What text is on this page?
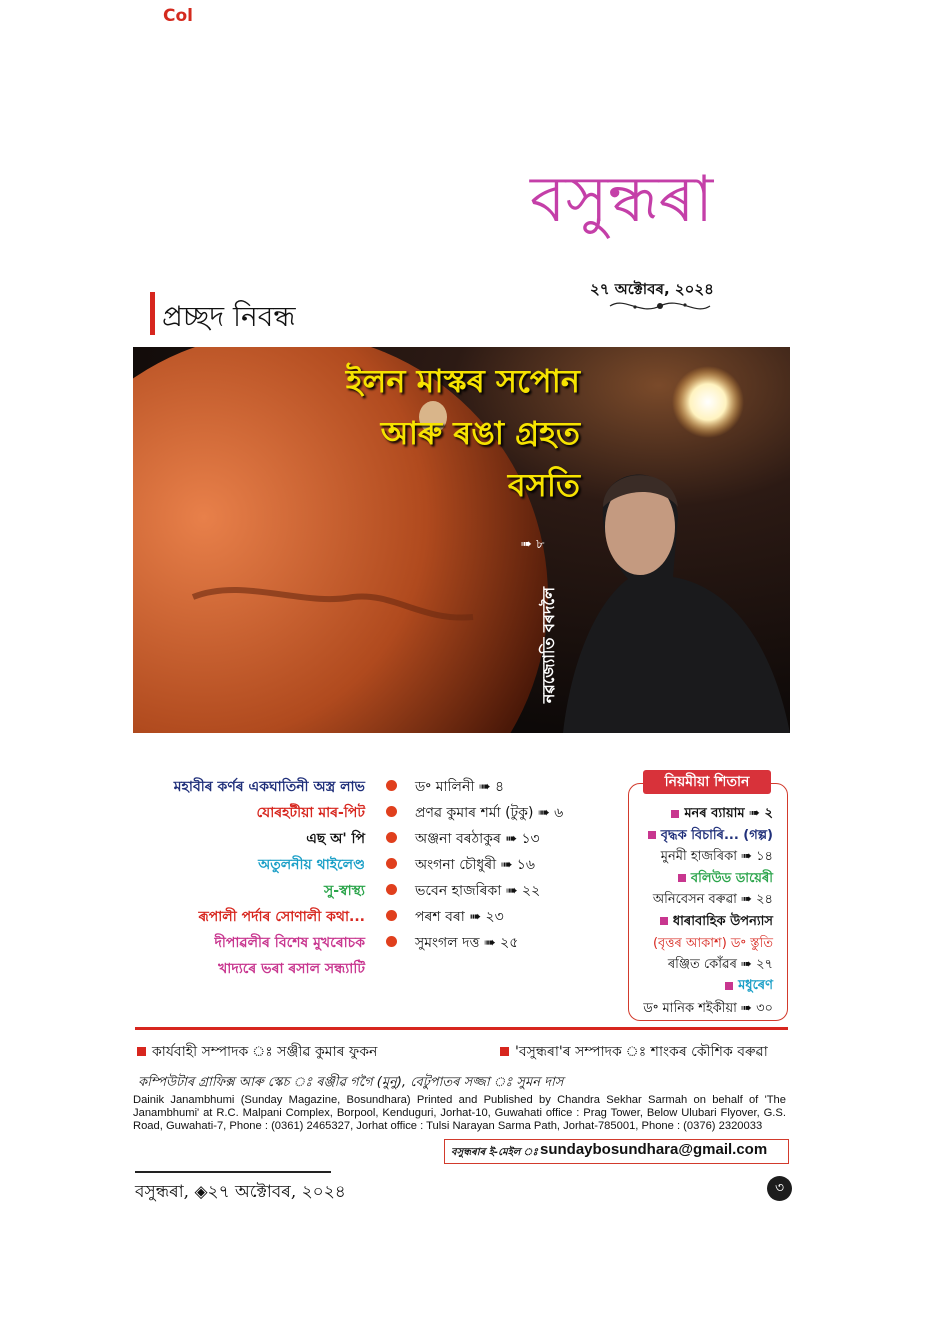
Col
বসুন্ধৰা
২৭ অক্টোবৰ, ২০২৪
প্ৰচ্ছদ নিবন্ধ
ইলন মাস্কৰ সপোন
আৰু ৰঙা গ্ৰহত
বসতি
➠ ৮
নৱজ্যোতি বৰদলৈ
মহাবীৰ কৰ্ণৰ একঘাতিনী অস্ত্ৰ লাভ	ড॰ মালিনী ➠ ৪
যোৰহটীয়া মাৰ-পিট	প্ৰণৱ কুমাৰ শৰ্মা (টুকু) ➠ ৬
এছ অ' পি	অঞ্জনা বৰঠাকুৰ ➠ ১৩
অতুলনীয় থাইলেণ্ড	অংগনা চৌধুৰী ➠ ১৬
সু-স্বাস্থ্য	ভবেন হাজৰিকা ➠ ২২
ৰূপালী পৰ্দাৰ সোণালী কথা...	পৰশ বৰা ➠ ২৩
দীপাৱলীৰ বিশেষ মুখৰোচক	সুমংগল দত্ত ➠ ২৫
খাদ্যৰে ভৰা ৰসাল সন্ধ্যাটি
মনৰ ব্যায়াম ➠ ২
বৃদ্ধক বিচাৰি... (গল্প)
মুনমী হাজৰিকা ➠ ১৪
বলিউড ডায়েৰী
অনিবেসন বৰুৱা ➠ ২৪
ধাৰাবাহিক উপন্যাস
(বৃত্তৰ আকাশ) ড॰ স্তুতি
ৰঞ্জিত কোঁৱৰ ➠ ২৭
মধুৰেণ
ড॰ মানিক শইকীয়া ➠ ৩০
নিয়মীয়া শিতান
কাৰ্যবাহী সম্পাদক ঃ সঞ্জীৱ কুমাৰ ফুকন	'বসুন্ধৰা'ৰ সম্পাদক ঃ শাংকৰ কৌশিক বৰুৱা
কম্পিউটাৰ গ্ৰাফিক্স আৰু স্কেচ ঃ ৰঞ্জীৱ গগৈ (মুনু), বেটুপাতৰ সজ্জা ঃ সুমন দাস
Dainik Janambhumi (Sunday Magazine, Bosundhara) Printed and Published by Chandra Sekhar Sarmah on behalf of 'The Janambhumi' at R.C. Malpani Complex, Borpool, Kenduguri, Jorhat-10, Guwahati office : Prag Tower, Below Ulubari Flyover, G.S. Road, Guwahati-7, Phone : (0361) 2465327, Jorhat office : Tulsi Narayan Sarma Path, Jorhat-785001, Phone : (0376) 2320033
বসুন্ধৰাৰ ই-মেইল ঃ sundaybosundhara@gmail.com
বসুন্ধৰা, ◈২৭ অক্টোবৰ, ২০২৪	৩
